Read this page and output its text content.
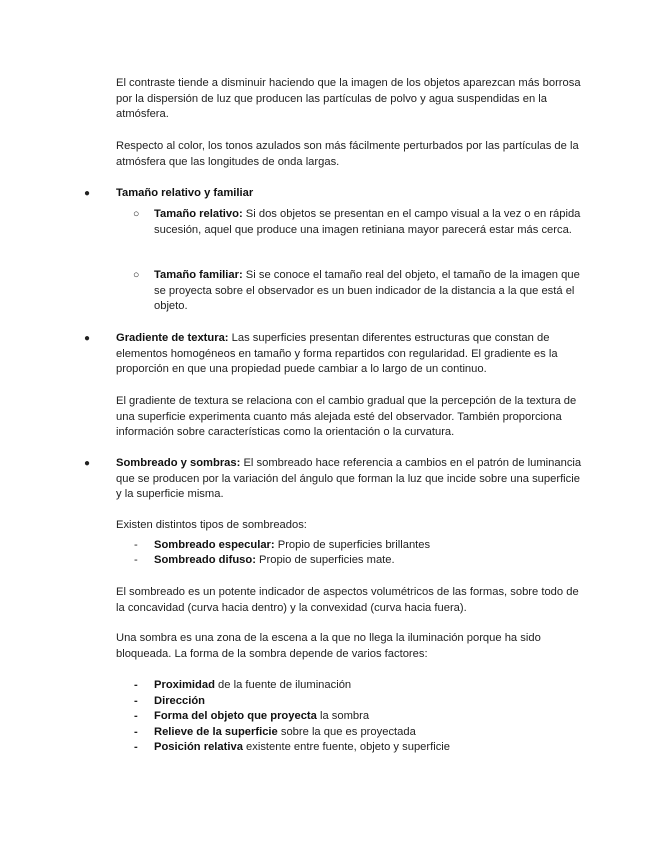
El contraste tiende a disminuir haciendo que la imagen de los objetos aparezcan más borrosa por la dispersión de luz que producen las partículas de polvo y agua suspendidas en la atmósfera.

Respecto al color, los tonos azulados son más fácilmente perturbados por las partículas de la atmósfera que las longitudes de onda largas.

● Tamaño relativo y familiar

○ Tamaño relativo: Si dos objetos se presentan en el campo visual a la vez o en rápida sucesión, aquel que produce una imagen retiniana mayor parecerá estar más cerca.

○ Tamaño familiar: Si se conoce el tamaño real del objeto, el tamaño de la imagen que se proyecta sobre el observador es un buen indicador de la distancia a la que está el objeto.

● Gradiente de textura: Las superficies presentan diferentes estructuras que constan de elementos homogéneos en tamaño y forma repartidos con regularidad. El gradiente es la proporción en que una propiedad puede cambiar a lo largo de un continuo.

El gradiente de textura se relaciona con el cambio gradual que la percepción de la textura de una superficie experimenta cuanto más alejada esté del observador. También proporciona información sobre características como la orientación o la curvatura.

● Sombreado y sombras: El sombreado hace referencia a cambios en el patrón de luminancia que se producen por la variación del ángulo que forman la luz que incide sobre una superficie y la superficie misma.

Existen distintos tipos de sombreados:

- Sombreado especular: Propio de superficies brillantes

- Sombreado difuso: Propio de superficies mate.

El sombreado es un potente indicador de aspectos volumétricos de las formas, sobre todo de la concavidad (curva hacia dentro) y la convexidad (curva hacia fuera).

Una sombra es una zona de la escena a la que no llega la iluminación porque ha sido bloqueada. La forma de la sombra depende de varios factores:

- Proximidad de la fuente de iluminación

- Dirección

- Forma del objeto que proyecta la sombra

- Relieve de la superficie sobre la que es proyectada

- Posición relativa existente entre fuente, objeto y superficie
